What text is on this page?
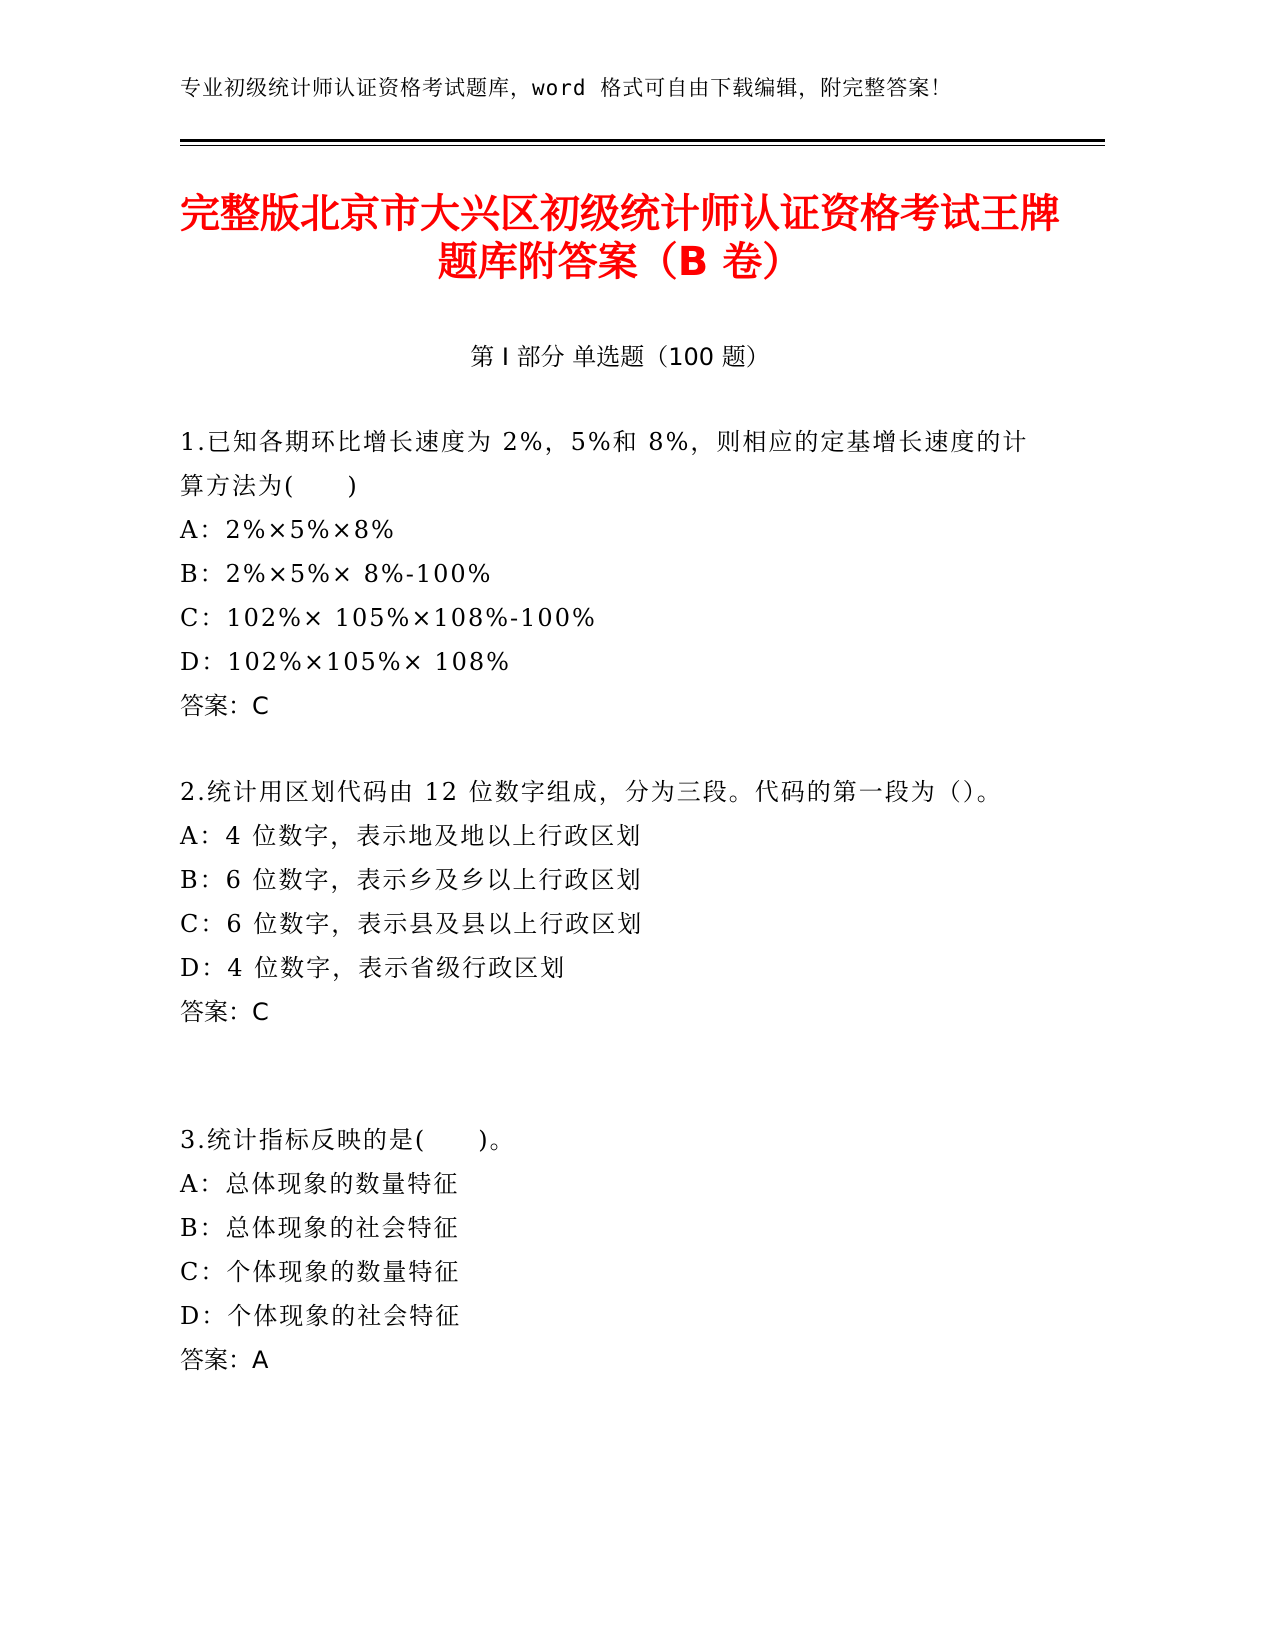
专业初级统计师认证资格考试题库，word 格式可自由下载编辑，附完整答案！
完整版北京市大兴区初级统计师认证资格考试王牌题库附答案（B 卷）
第 I 部分 单选题（100 题）

1.已知各期环比增长速度为 2%，5%和 8%，则相应的定基增长速度的计算方法为(　　)

A：2%×5%×8%

B：2%×5%× 8%-100%

C：102%× 105%×108%-100%

D：102%×105%× 108%

答案：C

2.统计用区划代码由 12 位数字组成，分为三段。代码的第一段为（）。

A：4 位数字，表示地及地以上行政区划

B：6 位数字，表示乡及乡以上行政区划

C：6 位数字，表示县及县以上行政区划

D：4 位数字，表示省级行政区划

答案：C

3.统计指标反映的是(　　)。

A：总体现象的数量特征

B：总体现象的社会特征

C：个体现象的数量特征

D：个体现象的社会特征

答案：A
